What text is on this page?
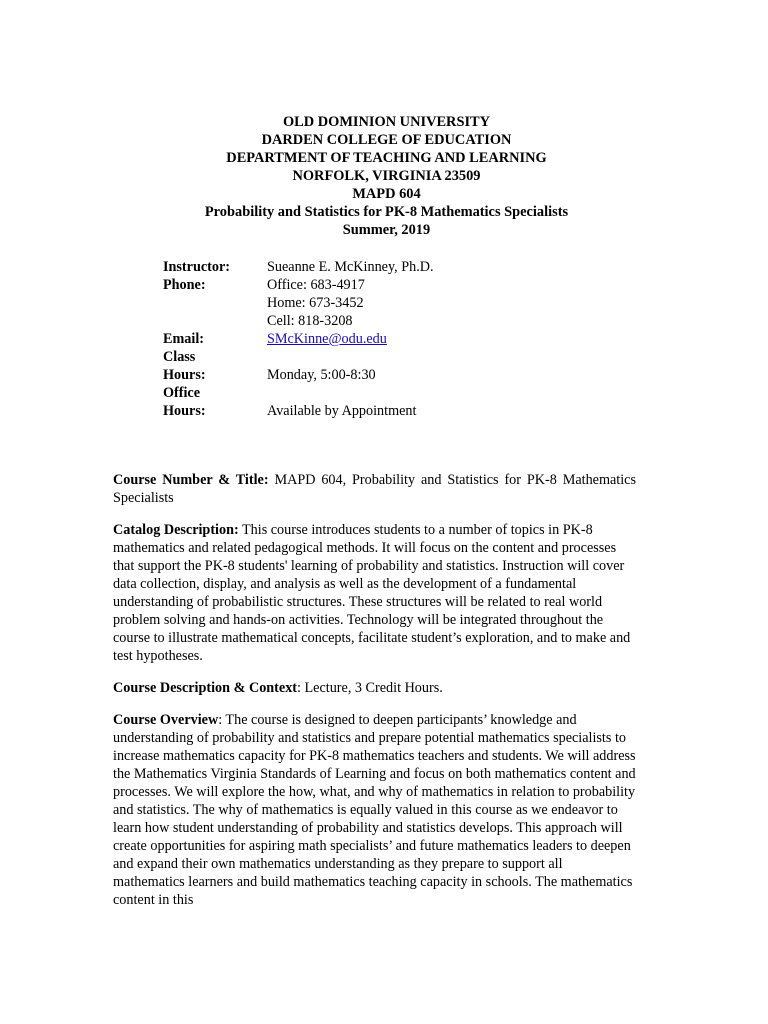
OLD DOMINION UNIVERSITY
DARDEN COLLEGE OF EDUCATION
DEPARTMENT OF TEACHING AND LEARNING
NORFOLK, VIRGINIA 23509
MAPD 604
Probability and Statistics for PK-8 Mathematics Specialists
Summer, 2019
Instructor:	Sueanne E. McKinney, Ph.D.
Phone:	Office: 683-4917
Home: 673-3452
Cell: 818-3208
Email:	SMcKinne@odu.edu
Class
Hours:
	Monday, 5:00-8:30
Office
Hours:
	Available by Appointment

Course Number & Title: MAPD 604, Probability and Statistics for PK-8 Mathematics Specialists

Catalog Description: This course introduces students to a number of topics in PK-8 mathematics and related pedagogical methods. It will focus on the content and processes that support the PK-8 students' learning of probability and statistics. Instruction will cover data collection, display, and analysis as well as the development of a fundamental understanding of probabilistic structures. These structures will be related to real world problem solving and hands-on activities. Technology will be integrated throughout the course to illustrate mathematical concepts, facilitate student’s exploration, and to make and test hypotheses.

Course Description & Context: Lecture, 3 Credit Hours.

Course Overview: The course is designed to deepen participants’ knowledge and understanding of probability and statistics and prepare potential mathematics specialists to increase mathematics capacity for PK-8 mathematics teachers and students. We will address the Mathematics Virginia Standards of Learning and focus on both mathematics content and processes. We will explore the how, what, and why of mathematics in relation to probability and statistics. The why of mathematics is equally valued in this course as we endeavor to learn how student understanding of probability and statistics develops. This approach will create opportunities for aspiring math specialists’ and future mathematics leaders to deepen and expand their own mathematics understanding as they prepare to support all mathematics learners and build mathematics teaching capacity in schools. The mathematics content in this
